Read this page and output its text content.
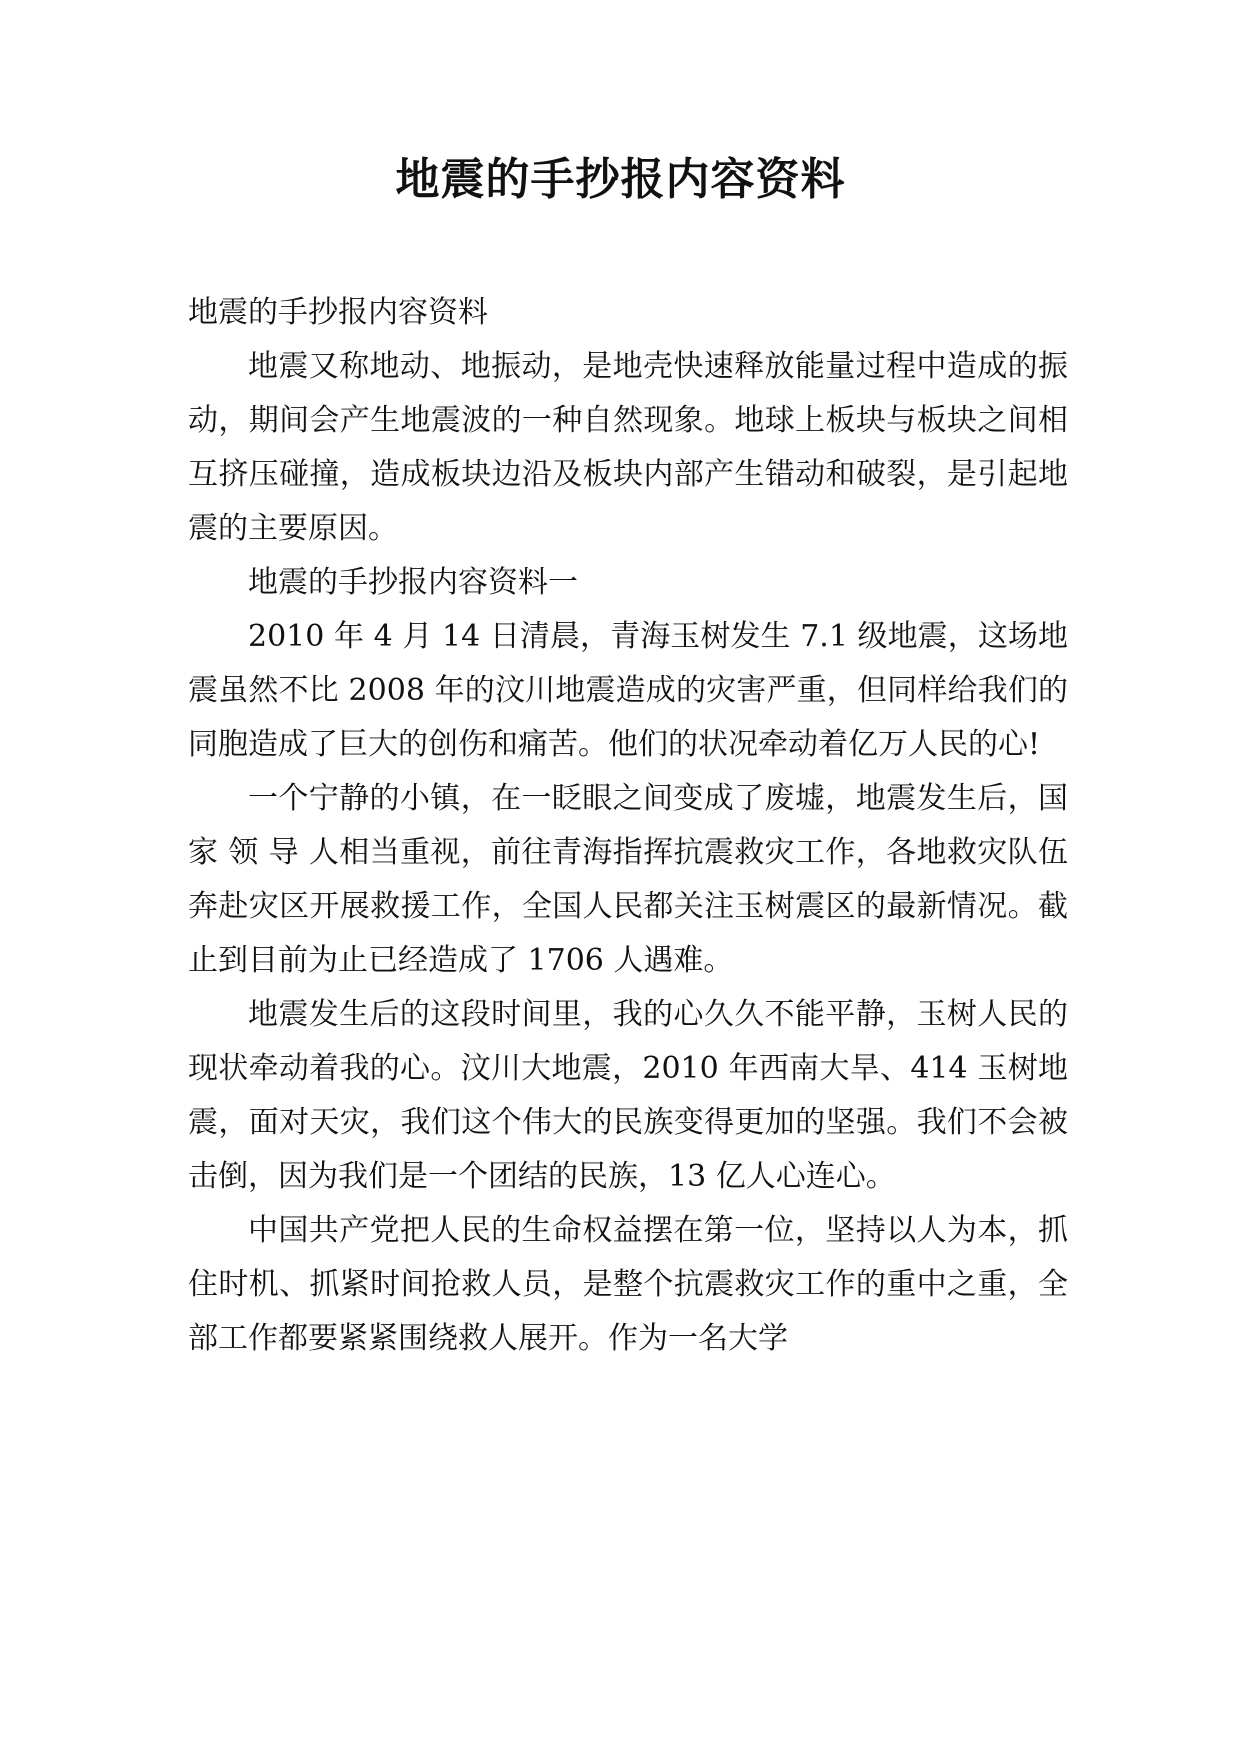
地震的手抄报内容资料

地震的手抄报内容资料

地震又称地动、地振动，是地壳快速释放能量过程中造成的振动，期间会产生地震波的一种自然现象。地球上板块与板块之间相互挤压碰撞，造成板块边沿及板块内部产生错动和破裂，是引起地震的主要原因。

地震的手抄报内容资料一

2010 年 4 月 14 日清晨，青海玉树发生 7.1 级地震，这场地震虽然不比 2008 年的汶川地震造成的灾害严重，但同样给我们的同胞造成了巨大的创伤和痛苦。他们的状况牵动着亿万人民的心!

一个宁静的小镇，在一眨眼之间变成了废墟，地震发生后，国家 领 导 人相当重视，前往青海指挥抗震救灾工作，各地救灾队伍奔赴灾区开展救援工作，全国人民都关注玉树震区的最新情况。截止到目前为止已经造成了 1706 人遇难。

地震发生后的这段时间里，我的心久久不能平静，玉树人民的现状牵动着我的心。汶川大地震，2010 年西南大旱、414 玉树地震，面对天灾，我们这个伟大的民族变得更加的坚强。我们不会被击倒，因为我们是一个团结的民族，13 亿人心连心。

中国共产党把人民的生命权益摆在第一位，坚持以人为本，抓住时机、抓紧时间抢救人员，是整个抗震救灾工作的重中之重，全部工作都要紧紧围绕救人展开。作为一名大学
